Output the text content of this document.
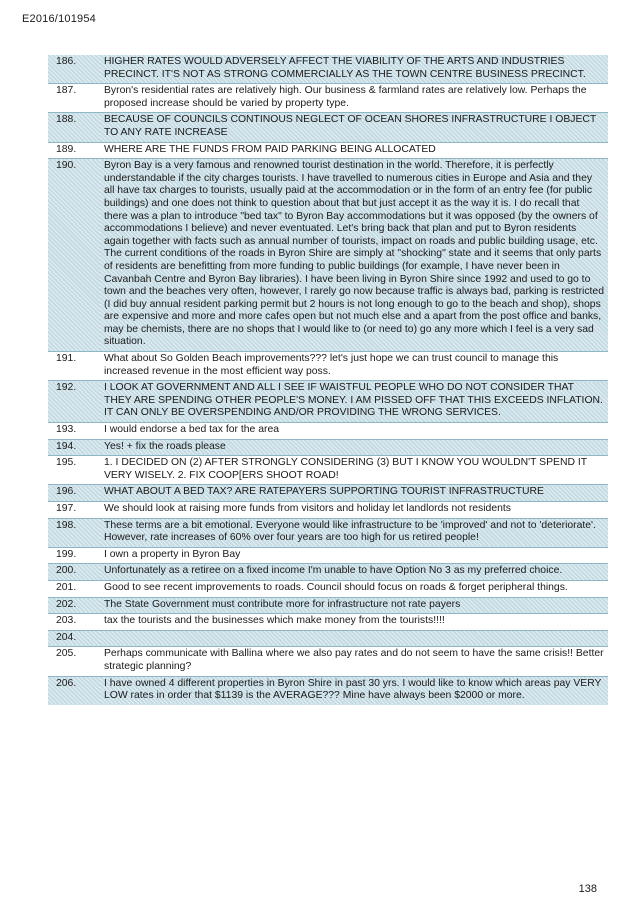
E2016/101954
186.	HIGHER RATES WOULD ADVERSELY AFFECT THE VIABILITY OF THE ARTS AND INDUSTRIES PRECINCT. IT'S NOT AS STRONG COMMERCIALLY AS THE TOWN CENTRE BUSINESS PRECINCT.
187.	Byron's residential rates are relatively high. Our business & farmland rates are relatively low. Perhaps the proposed increase should be varied by property type.
188.	BECAUSE OF COUNCILS CONTINOUS NEGLECT OF OCEAN SHORES INFRASTRUCTURE I OBJECT TO ANY RATE INCREASE
189.	WHERE ARE THE FUNDS FROM PAID PARKING BEING ALLOCATED
190.	Byron Bay is a very famous and renowned tourist destination in the world. Therefore, it is perfectly understandable if the city charges tourists. I have travelled to numerous cities in Europe and Asia and they all have tax charges to tourists, usually paid at the accommodation or in the form of an entry fee (for public buildings) and one does not think to question about that but just accept it as the way it is. I do recall that there was a plan to introduce "bed tax" to Byron Bay accommodations but it was opposed (by the owners of accommodations I believe) and never eventuated. Let's bring back that plan and put to Byron residents again together with facts such as annual number of tourists, impact on roads and public building usage, etc. The current conditions of the roads in Byron Shire are simply at "shocking" state and it seems that only parts of residents are benefitting from more funding to public buildings (for example, I have never been in Cavanbah Centre and Byron Bay libraries). I have been living in Byron Shire since 1992 and used to go to town and the beaches very often, however, I rarely go now because traffic is always bad, parking is restricted (I did buy annual resident parking permit but 2 hours is not long enough to go to the beach and shop), shops are expensive and more and more cafes open but not much else and a apart from the post office and banks, may be chemists, there are no shops that I would like to (or need to) go any more which I feel is a very sad situation.
191.	What about So Golden Beach improvements??? let's just hope we can trust council to manage this increased revenue in the most efficient way poss.
192.	I LOOK AT GOVERNMENT AND ALL I SEE IF WAISTFUL PEOPLE WHO DO NOT CONSIDER THAT THEY ARE SPENDING OTHER PEOPLE'S MONEY. I AM PISSED OFF THAT THIS EXCEEDS INFLATION. IT CAN ONLY BE OVERSPENDING AND/OR PROVIDING THE WRONG SERVICES.
193.	I would endorse a bed tax for the area
194.	Yes! + fix the roads please
195.	1. I DECIDED ON (2) AFTER STRONGLY CONSIDERING (3) BUT I KNOW YOU WOULDN'T SPEND IT VERY WISELY. 2. FIX COOP[ERS SHOOT ROAD!
196.	WHAT ABOUT A BED TAX? ARE RATEPAYERS SUPPORTING TOURIST INFRASTRUCTURE
197.	We should look at raising more funds from visitors and holiday let landlords not residents
198.	These terms are a bit emotional. Everyone would like infrastructure to be 'improved' and not to 'deteriorate'. However, rate increases of 60% over four years are too high for us retired people!
199.	I own a property in Byron Bay
200.	Unfortunately as a retiree on a fixed income I'm unable to have Option No 3 as my preferred choice.
201.	Good to see recent improvements to roads. Council should focus on roads & forget peripheral things.
202.	The State Government must contribute more for infrastructure not rate payers
203.	tax the tourists and the businesses which make money from the tourists!!!!
204.	
205.	Perhaps communicate with Ballina where we also pay rates and do not seem to have the same crisis!! Better strategic planning?
206.	I have owned 4 different properties in Byron Shire in past 30 yrs. I would like to know which areas pay VERY LOW rates in order that $1139 is the AVERAGE??? Mine have always been $2000 or more.
138
